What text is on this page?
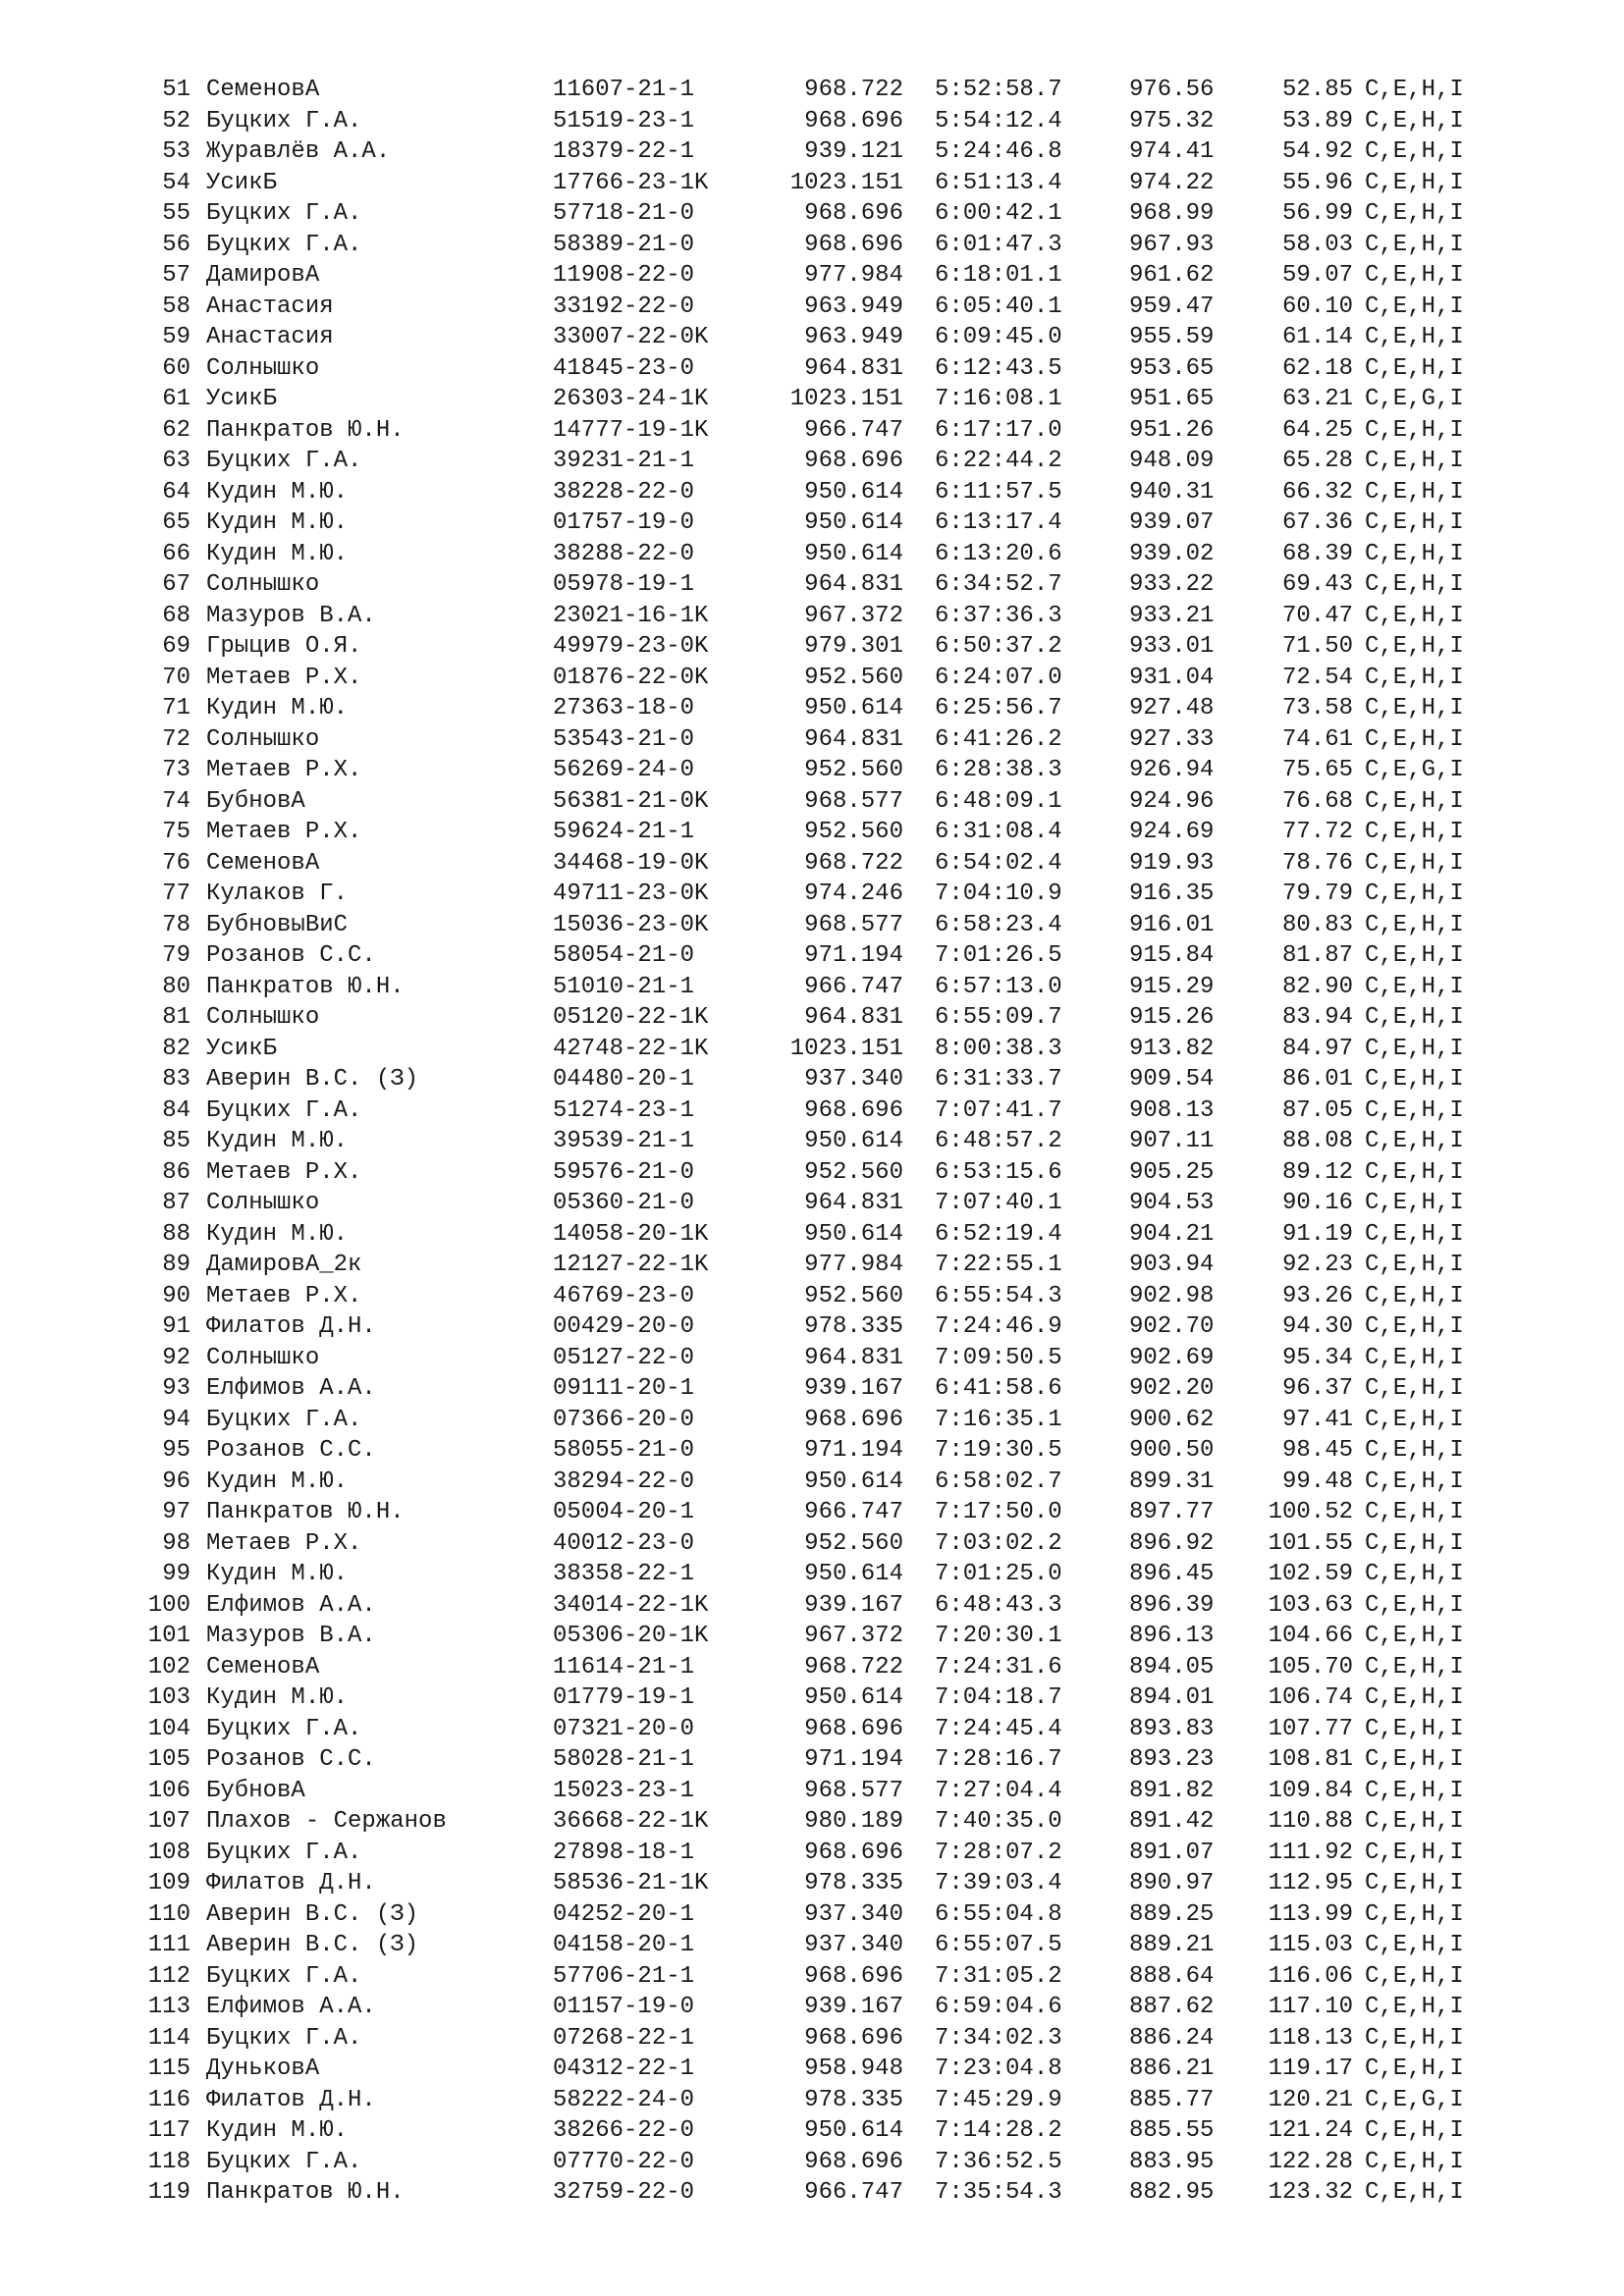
51 СеменовА	11607-21-1	968.722 5:52:58.7	976.56	52.85 C,E,H,I
52 Буцких Г.А.	51519-23-1	968.696 5:54:12.4	975.32	53.89 C,E,H,I
53 Журавлёв А.А.	18379-22-1	939.121 5:24:46.8	974.41	54.92 C,E,H,I
54 УсикБ	17766-23-1K	1023.151 6:51:13.4	974.22	55.96 C,E,H,I
55 Буцких Г.А.	57718-21-0	968.696 6:00:42.1	968.99	56.99 C,E,H,I
56 Буцких Г.А.	58389-21-0	968.696 6:01:47.3	967.93	58.03 C,E,H,I
57 ДамировА	11908-22-0	977.984 6:18:01.1	961.62	59.07 C,E,H,I
58 Анастасия	33192-22-0	963.949 6:05:40.1	959.47	60.10 C,E,H,I
59 Анастасия	33007-22-0K	963.949 6:09:45.0	955.59	61.14 C,E,H,I
60 Солнышко	41845-23-0	964.831 6:12:43.5	953.65	62.18 C,E,H,I
61 УсикБ	26303-24-1K	1023.151 7:16:08.1	951.65	63.21 C,E,G,I
62 Панкратов Ю.Н.	14777-19-1K	966.747 6:17:17.0	951.26	64.25 C,E,H,I
63 Буцких Г.А.	39231-21-1	968.696 6:22:44.2	948.09	65.28 C,E,H,I
64 Кудин М.Ю.	38228-22-0	950.614 6:11:57.5	940.31	66.32 C,E,H,I
65 Кудин М.Ю.	01757-19-0	950.614 6:13:17.4	939.07	67.36 C,E,H,I
66 Кудин М.Ю.	38288-22-0	950.614 6:13:20.6	939.02	68.39 C,E,H,I
67 Солнышко	05978-19-1	964.831 6:34:52.7	933.22	69.43 C,E,H,I
68 Мазуров В.А.	23021-16-1K	967.372 6:37:36.3	933.21	70.47 C,E,H,I
69 Грыцив О.Я.	49979-23-0K	979.301 6:50:37.2	933.01	71.50 C,E,H,I
70 Метаев Р.Х.	01876-22-0K	952.560 6:24:07.0	931.04	72.54 C,E,H,I
71 Кудин М.Ю.	27363-18-0	950.614 6:25:56.7	927.48	73.58 C,E,H,I
72 Солнышко	53543-21-0	964.831 6:41:26.2	927.33	74.61 C,E,H,I
73 Метаев Р.Х.	56269-24-0	952.560 6:28:38.3	926.94	75.65 C,E,G,I
74 БубновА	56381-21-0K	968.577 6:48:09.1	924.96	76.68 C,E,H,I
75 Метаев Р.Х.	59624-21-1	952.560 6:31:08.4	924.69	77.72 C,E,H,I
76 СеменовА	34468-19-0K	968.722 6:54:02.4	919.93	78.76 C,E,H,I
77 Кулаков Г.	49711-23-0K	974.246 7:04:10.9	916.35	79.79 C,E,H,I
78 БубновыВиС	15036-23-0K	968.577 6:58:23.4	916.01	80.83 C,E,H,I
79 Розанов С.С.	58054-21-0	971.194 7:01:26.5	915.84	81.87 C,E,H,I
80 Панкратов Ю.Н.	51010-21-1	966.747 6:57:13.0	915.29	82.90 C,E,H,I
81 Солнышко	05120-22-1K	964.831 6:55:09.7	915.26	83.94 C,E,H,I
82 УсикБ	42748-22-1K	1023.151 8:00:38.3	913.82	84.97 C,E,H,I
83 Аверин В.С. (З)	04480-20-1	937.340 6:31:33.7	909.54	86.01 C,E,H,I
84 Буцких Г.А.	51274-23-1	968.696 7:07:41.7	908.13	87.05 C,E,H,I
85 Кудин М.Ю.	39539-21-1	950.614 6:48:57.2	907.11	88.08 C,E,H,I
86 Метаев Р.Х.	59576-21-0	952.560 6:53:15.6	905.25	89.12 C,E,H,I
87 Солнышко	05360-21-0	964.831 7:07:40.1	904.53	90.16 C,E,H,I
88 Кудин М.Ю.	14058-20-1K	950.614 6:52:19.4	904.21	91.19 C,E,H,I
89 ДамировА_2к	12127-22-1K	977.984 7:22:55.1	903.94	92.23 C,E,H,I
90 Метаев Р.Х.	46769-23-0	952.560 6:55:54.3	902.98	93.26 C,E,H,I
91 Филатов Д.Н.	00429-20-0	978.335 7:24:46.9	902.70	94.30 C,E,H,I
92 Солнышко	05127-22-0	964.831 7:09:50.5	902.69	95.34 C,E,H,I
93 Елфимов А.А.	09111-20-1	939.167 6:41:58.6	902.20	96.37 C,E,H,I
94 Буцких Г.А.	07366-20-0	968.696 7:16:35.1	900.62	97.41 C,E,H,I
95 Розанов С.С.	58055-21-0	971.194 7:19:30.5	900.50	98.45 C,E,H,I
96 Кудин М.Ю.	38294-22-0	950.614 6:58:02.7	899.31	99.48 C,E,H,I
97 Панкратов Ю.Н.	05004-20-1	966.747 7:17:50.0	897.77	100.52 C,E,H,I
98 Метаев Р.Х.	40012-23-0	952.560 7:03:02.2	896.92	101.55 C,E,H,I
99 Кудин М.Ю.	38358-22-1	950.614 7:01:25.0	896.45	102.59 C,E,H,I
100 Елфимов А.А.	34014-22-1K	939.167 6:48:43.3	896.39	103.63 C,E,H,I
101 Мазуров В.А.	05306-20-1K	967.372 7:20:30.1	896.13	104.66 C,E,H,I
102 СеменовА	11614-21-1	968.722 7:24:31.6	894.05	105.70 C,E,H,I
103 Кудин М.Ю.	01779-19-1	950.614 7:04:18.7	894.01	106.74 C,E,H,I
104 Буцких Г.А.	07321-20-0	968.696 7:24:45.4	893.83	107.77 C,E,H,I
105 Розанов С.С.	58028-21-1	971.194 7:28:16.7	893.23	108.81 C,E,H,I
106 БубновА	15023-23-1	968.577 7:27:04.4	891.82	109.84 C,E,H,I
107 Плахов - Сержанов	36668-22-1K	980.189 7:40:35.0	891.42	110.88 C,E,H,I
108 Буцких Г.А.	27898-18-1	968.696 7:28:07.2	891.07	111.92 C,E,H,I
109 Филатов Д.Н.	58536-21-1K	978.335 7:39:03.4	890.97	112.95 C,E,H,I
110 Аверин В.С. (З)	04252-20-1	937.340 6:55:04.8	889.25	113.99 C,E,H,I
111 Аверин В.С. (З)	04158-20-1	937.340 6:55:07.5	889.21	115.03 C,E,H,I
112 Буцких Г.А.	57706-21-1	968.696 7:31:05.2	888.64	116.06 C,E,H,I
113 Елфимов А.А.	01157-19-0	939.167 6:59:04.6	887.62	117.10 C,E,H,I
114 Буцких Г.А.	07268-22-1	968.696 7:34:02.3	886.24	118.13 C,E,H,I
115 ДуньковА	04312-22-1	958.948 7:23:04.8	886.21	119.17 C,E,H,I
116 Филатов Д.Н.	58222-24-0	978.335 7:45:29.9	885.77	120.21 C,E,G,I
117 Кудин М.Ю.	38266-22-0	950.614 7:14:28.2	885.55	121.24 C,E,H,I
118 Буцких Г.А.	07770-22-0	968.696 7:36:52.5	883.95	122.28 C,E,H,I
119 Панкратов Ю.Н.	32759-22-0	966.747 7:35:54.3	882.95	123.32 C,E,H,I
